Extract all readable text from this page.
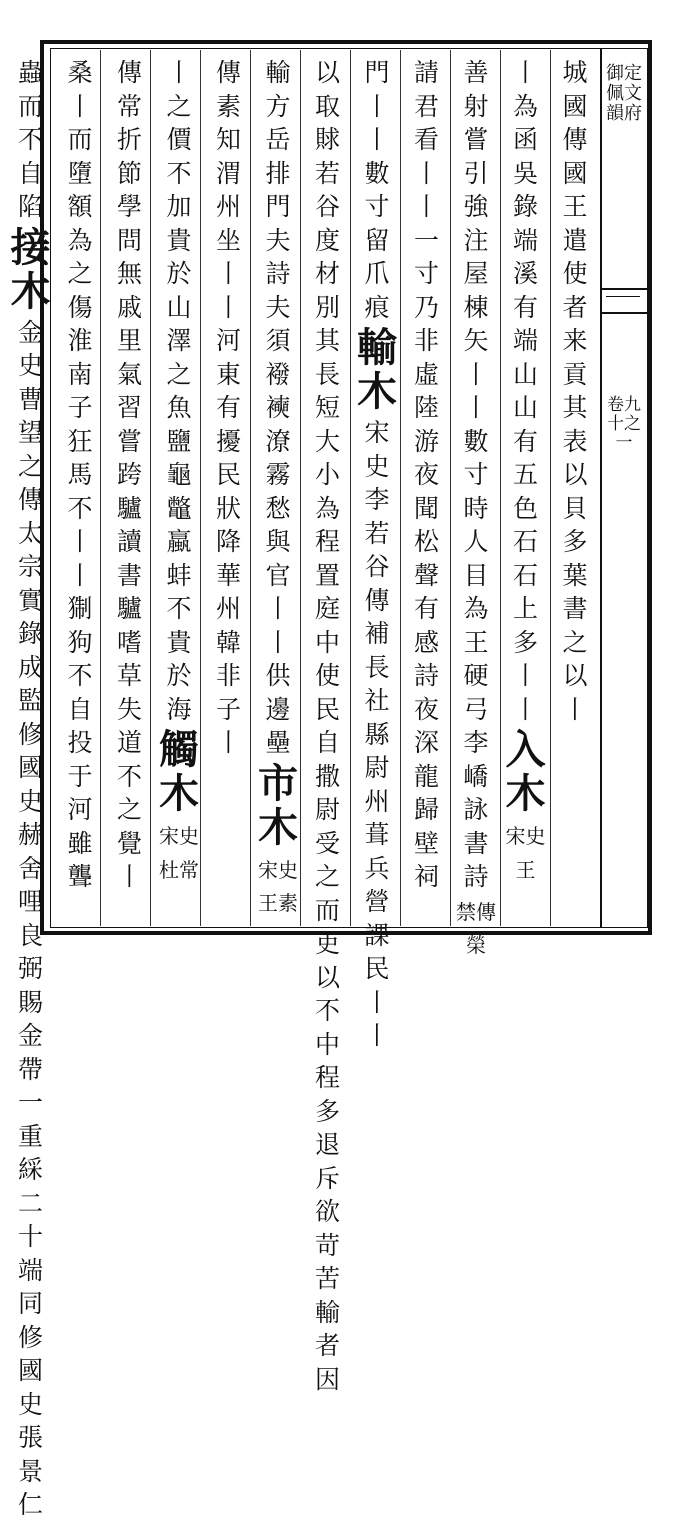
御定佩文韻府
卷九十之一
城國傳國王遣使者来貢其表以貝多葉書之以丨
丨為函吳錄端溪有端山山有五色石石上多丨丨
入木
宋史王
善射嘗引強注屋棟矢丨丨數寸時人目為王硬弓李嶠詠書詩禁傳榮
請君看丨丨一寸乃非虛陸游夜聞松聲有感詩夜深龍歸壁祠
門丨丨數寸留爪痕
輸木
宋史李若谷傳補長社縣尉州葺兵營課民丨丨
以取賕若谷度材別其長短大小為程置庭中使民自撒尉受之而吏以不中程多退斥欲苛苦輸者因
輸方岳排門夫詩夫須襏襫潦霧愁與官丨丨供邊壘
市木
宋史王素
傳素知渭州坐丨丨河東有擾民狀降華州韓非子丨
丨之價不加貴於山澤之魚鹽龜鼈蠃蚌不貴於海
觸木
宋史杜常
傳常折節學問無戚里氣習嘗跨驢讀書驢嗜草失道不之覺丨
桑丨而墮額為之傷淮南子狂馬不丨丨猘狗不自投于河雖聾
蟲而不自陷
接木
金史曹望之傳太宗實錄成監修國史赫舍哩良弼賜金帶一重綵二十端同修國史張景仁
